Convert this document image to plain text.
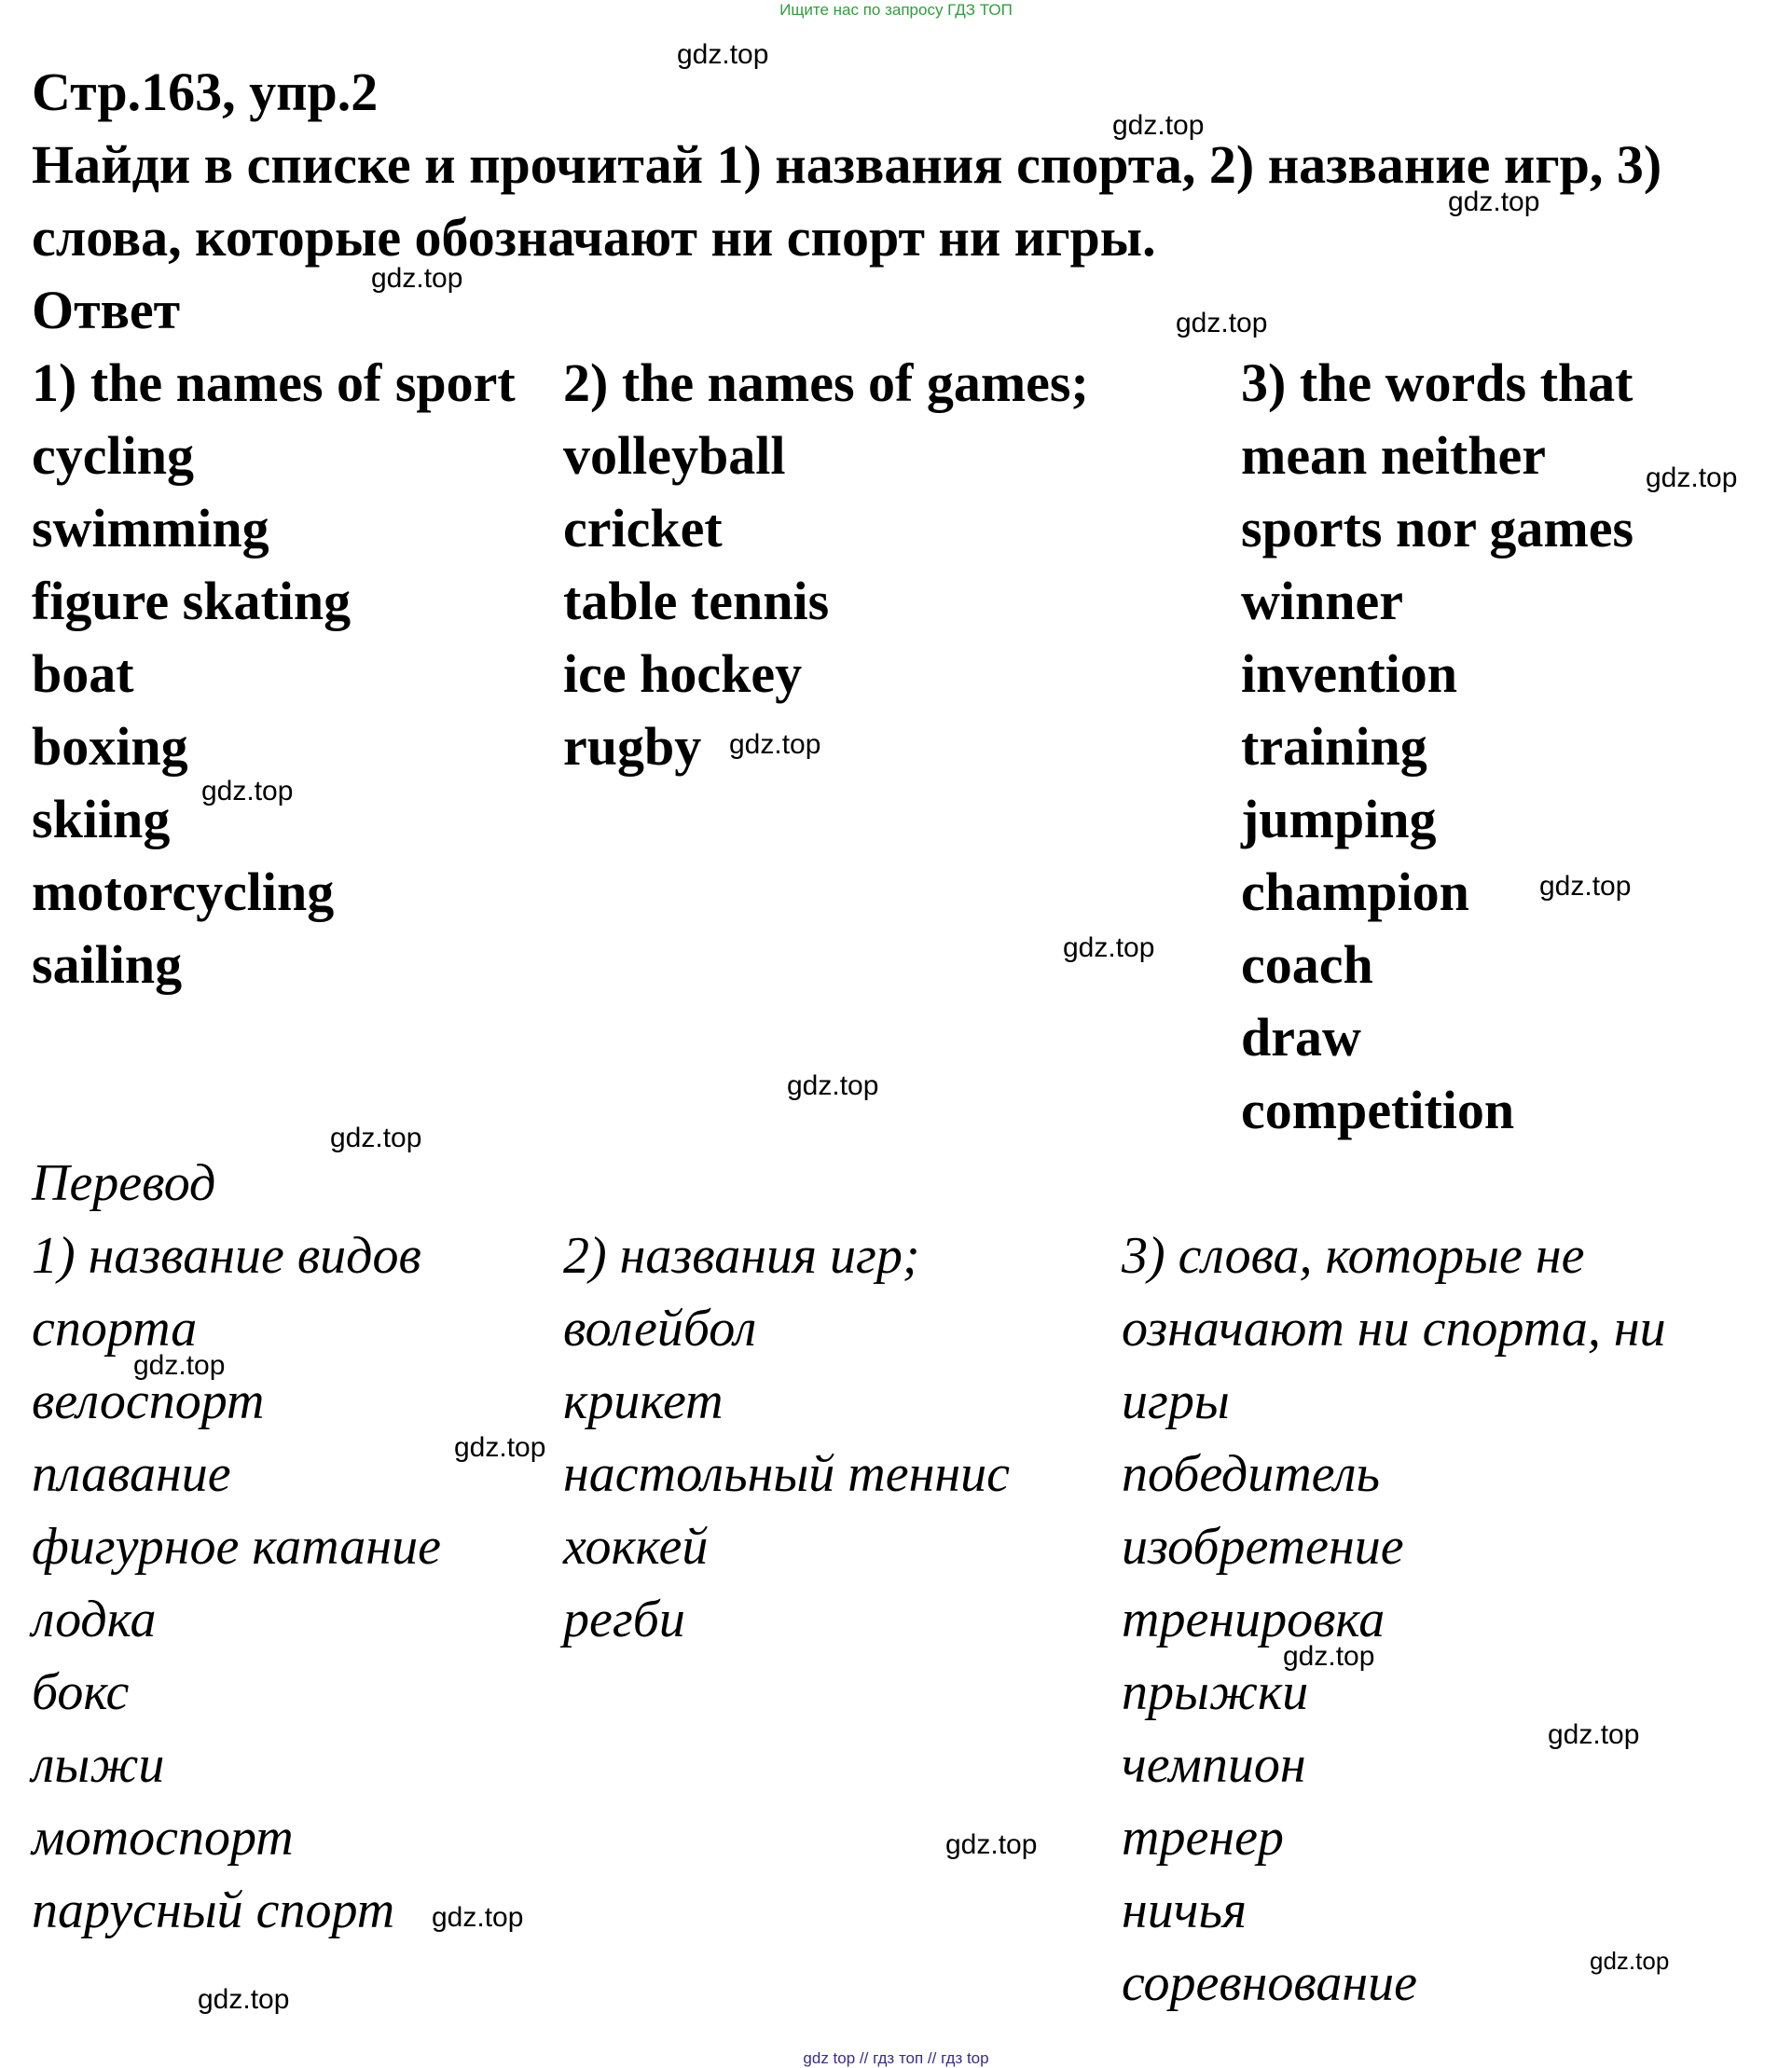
Ищите нас по запросу ГДЗ ТОП
Стр.163, упр.2
Найди в списке и прочитай 1) названия спорта, 2) название игр, 3)
слова, которые обозначают ни спорт ни игры.
Ответ
1) the names of sport
cycling
swimming
figure skating
boat
boxing
skiing
motorcycling
sailing
2) the names of games;
volleyball
cricket
table tennis
ice hockey
rugby
3) the words that
mean neither
sports nor games
winner
invention
training
jumping
champion
coach
draw
competition
Перевод
1) название видов
спорта
велоспорт
плавание
фигурное катание
лодка
бокс
лыжи
мотоспорт
парусный спорт
2) названия игр;
волейбол
крикет
настольный теннис
хоккей
регби
3) слова, которые не
означают ни спорта, ни
игры
победитель
изобретение
тренировка
прыжки
чемпион
тренер
ничья
соревнование
gdz.top
gdz.top
gdz.top
gdz.top
gdz.top
gdz.top
gdz.top
gdz.top
gdz.top
gdz.top
gdz.top
gdz.top
gdz.top
gdz.top
gdz.top
gdz.top
gdz.top
gdz.top
gdz.top
gdz.top
gdz top // гдз топ // гдз top
